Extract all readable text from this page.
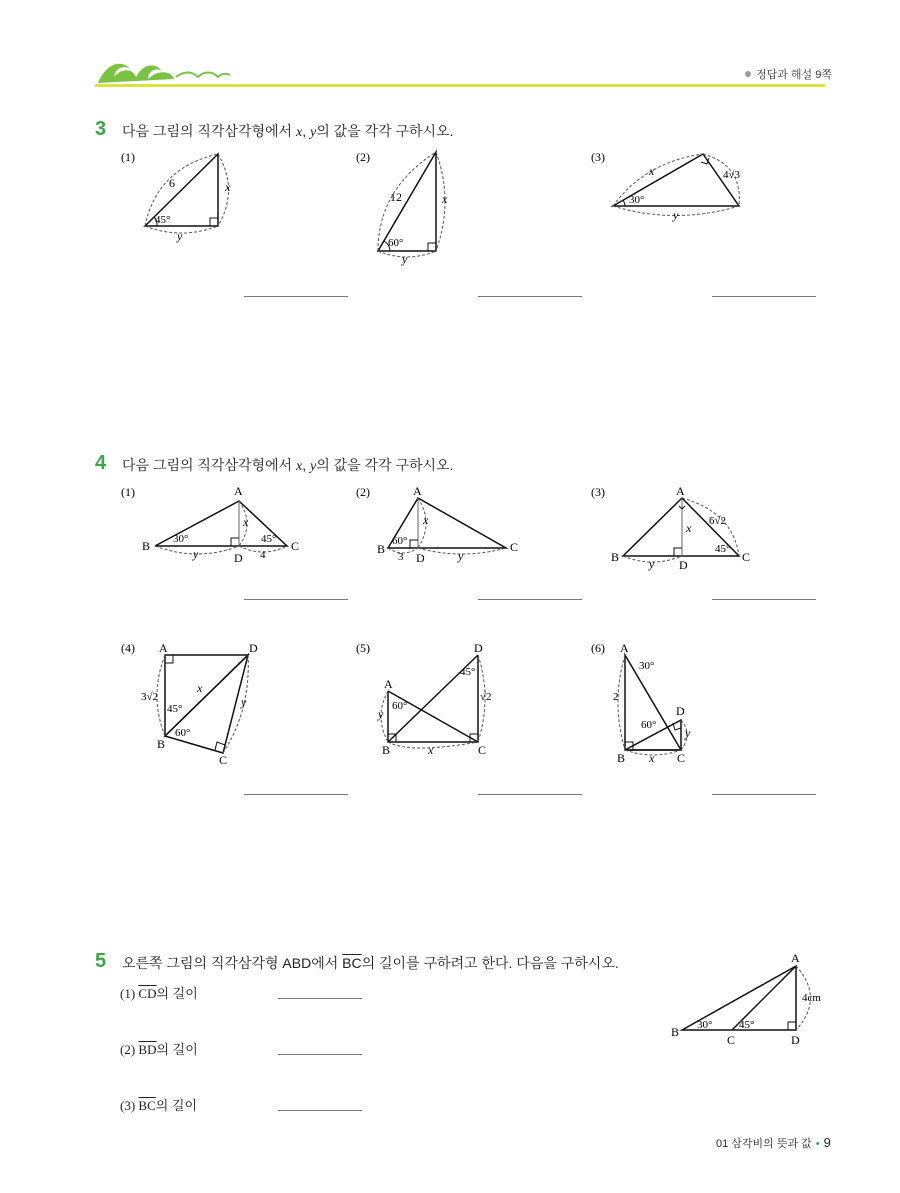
정답과 해설 9쪽
3 다음 그림의 직각삼각형에서 x, y의 값을 각각 구하시오.
(1)
6
45°
x
y
(2)
12
60°
x
y
(3)
x	4√3
30°
y
4 다음 그림의 직각삼각형에서 x, y의 값을 각각 구하시오.
(1)	A
B	C
D
30°	45°
x
y	4
(2)	A
B	C
D
60°
x
3	y
(3)	A
B	C
D
6√2
45°
x
y
(4) A	D
B
C
3√2
45°
60°
x
y
(5)	D
A
B	C
60°
45°
√2
y
x
(6) A
B	C
D
30°
60°
2
x
y
5 오른쪽 그림의 직각삼각형 ABD에서 $\overline{BC}$의 길이를 구하려고 한다. 다음을 구하시오.
(1) $\overline{CD}$의 길이
(2) $\overline{BD}$의 길이
(3) $\overline{BC}$의 길이
A
B
C	D
30° 45°
4cm
01 삼각비의 뜻과 값 • 9
